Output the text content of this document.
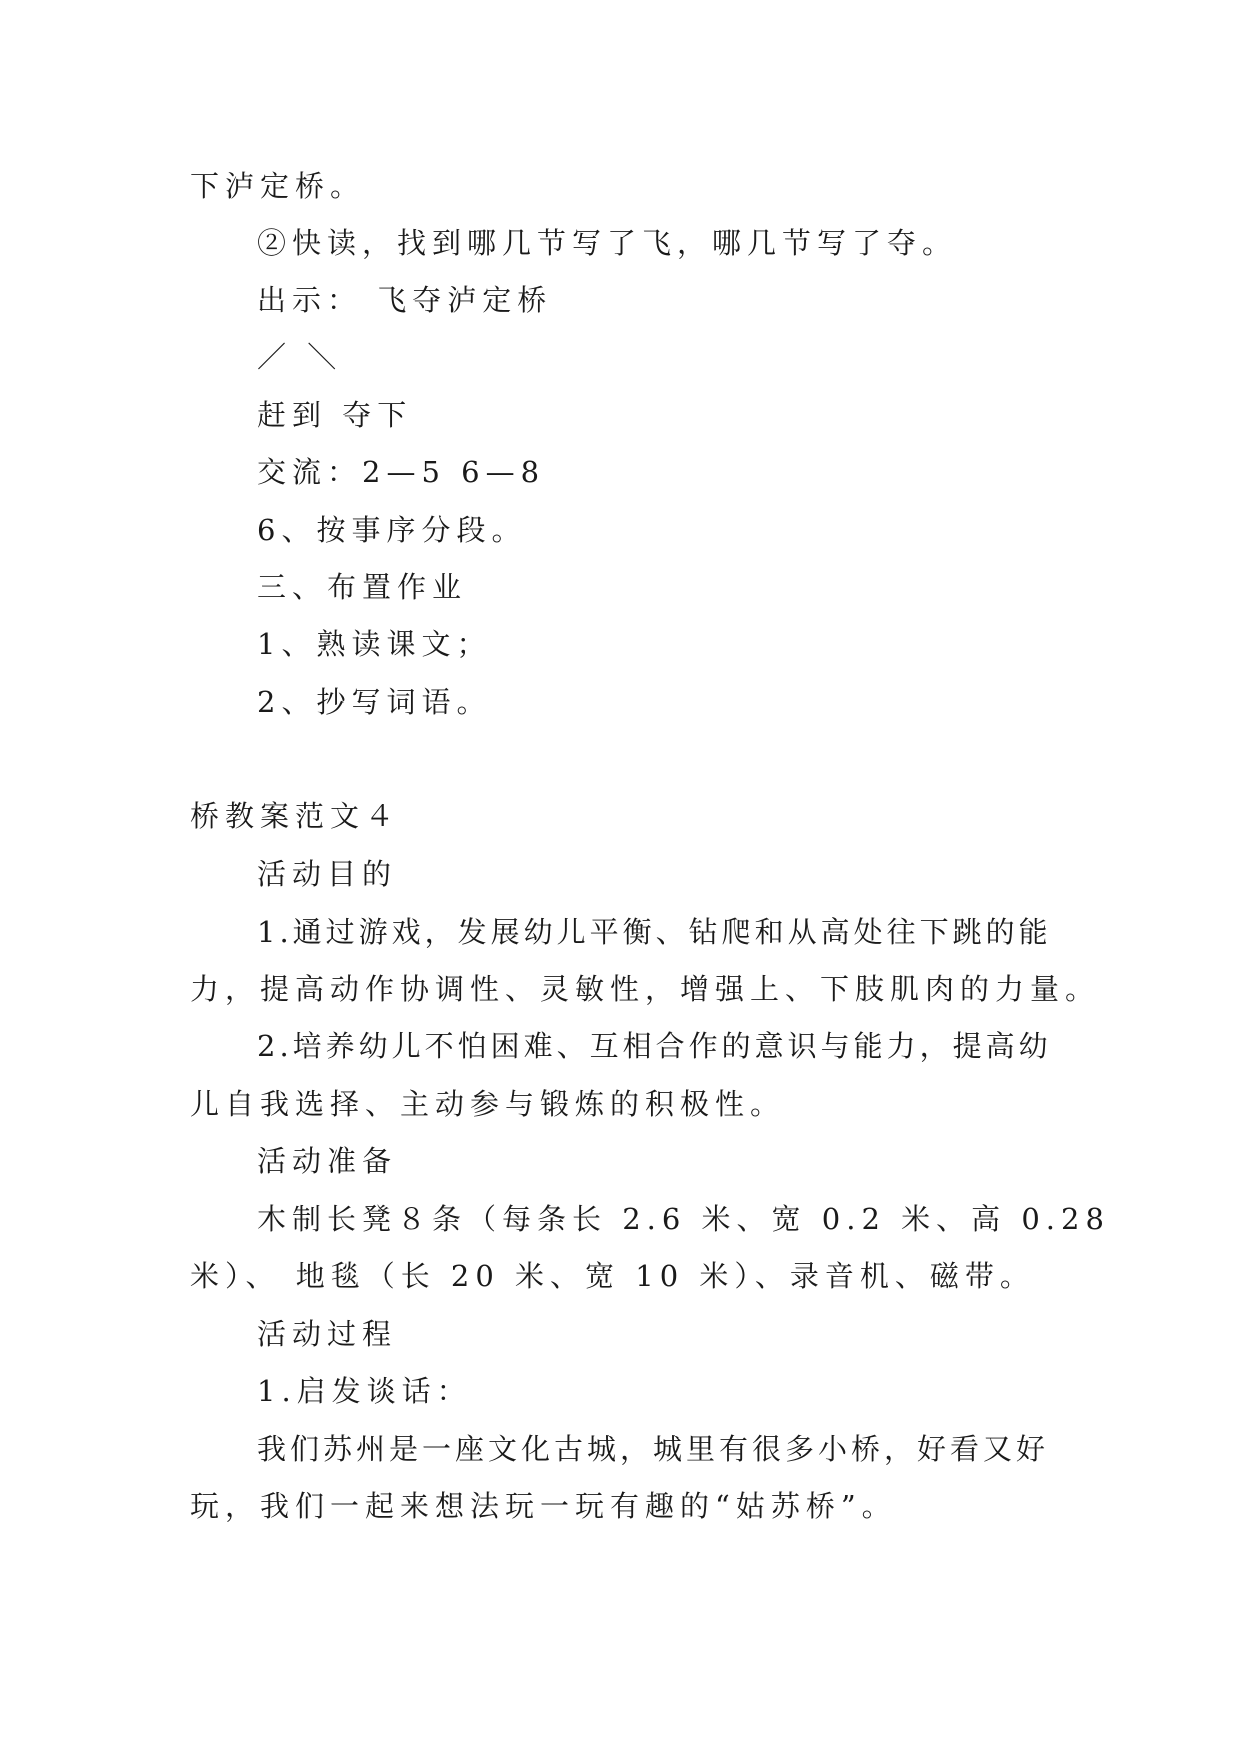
下泸定桥。
②快读，找到哪几节写了飞，哪几节写了夺。
出示： 飞夺泸定桥
／ ＼
赶到 夺下
交流：2—5 6—8
6、按事序分段。
三、布置作业
1、熟读课文；
2、抄写词语。
桥教案范文４
活动目的
1.通过游戏，发展幼儿平衡、钻爬和从高处往下跳的能
力，提高动作协调性、灵敏性，增强上、下肢肌肉的力量。
2.培养幼儿不怕困难、互相合作的意识与能力，提高幼
儿自我选择、主动参与锻炼的积极性。
活动准备
木制长凳８条（每条长 2.6 米、宽 0.2 米、高 0.28
米）、 地毯（长 20 米、宽 10 米）、录音机、磁带。
活动过程
1.启发谈话：
我们苏州是一座文化古城，城里有很多小桥，好看又好
玩，我们一起来想法玩一玩有趣的“姑苏桥”。
